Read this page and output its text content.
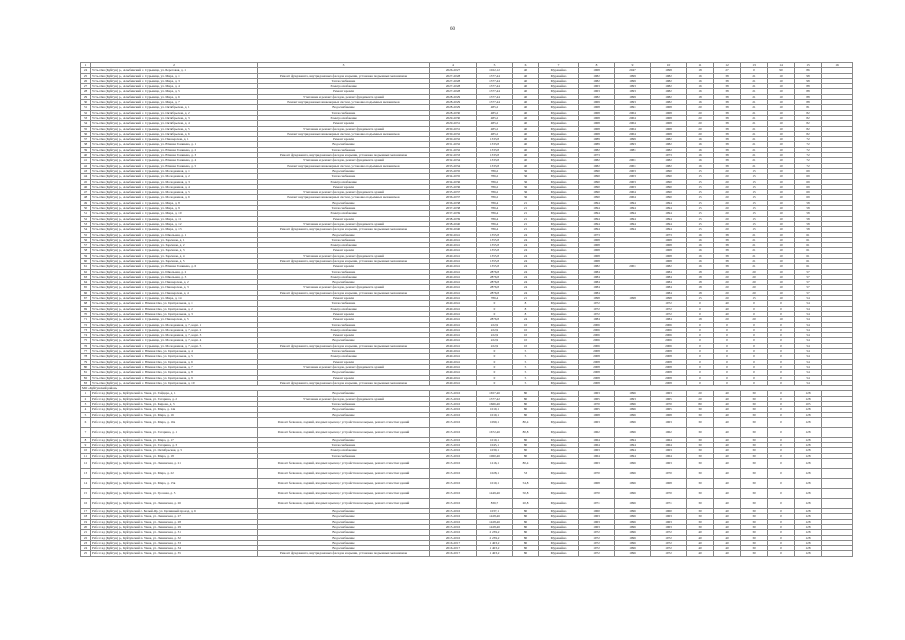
60
1	2	3	4	5	6	7	8	9	10	11	12	13	14	15	16
24	Усть-Ока (Куйтун) р., Алыбинский с. Сурьмица, ул. Береговая, д. 1		2026-2027	1022,12	40	Муравейно	1968	2047	1998	18	27	0	90	86	
25	Усть-Ока (Куйтун) р., Алыбинский с. Сурьмица, ул. Мира, д. 1	Ремонт фундамента, внутридомовых фасадов и крыши, установка подъемных механизмов	2027-2028	1377,44	40	Муравейно	1982	1999	1982	16	38	21	10	98	
26	Усть-Ока (Куйтун) р., Алыбинский с. Сурьмица, ул. Мира, д. 3	Теплоснабжение	2027-2028	1377,44	40	Муравейно	1982	1999	1982	16	38	21	10	98	
27	Усть-Ока (Куйтун) р., Алыбинский с. Сурьмица, ул. Мира, д. 4	Электроснабжение	2027-2028	1377,44	40	Муравейно	1963	1993	1982	16	38	21	10	88	
28	Усть-Ока (Куйтун) р., Алыбинский с. Сурьмица, ул. Мира, д. 5	Ремонт кровли	2027-2028	1377,44	40	Муравейно	1963	1993	1982	16	38	21	10	88	
29	Усть-Ока (Куйтун) р., Алыбинский с. Сурьмица, ул. Мира, д. 6	Утепление и ремонт фасадов, ремонт фундамента зданий	2028-2029	1377,44	40	Муравейно	1982	1999	1982	18	38	21	10	88	
30	Усть-Ока (Куйтун) р., Алыбинский с. Сурьмица, ул. Мира, д. 7	Ремонт внутридомовых инженерных систем, установка подъемных механизмов	2028-2029	1377,44	40	Муравейно	1969	1993	1982	16	38	21	10	88	
31	Усть-Ока (Куйтун) р., Алыбинский с. Сурьмица, ул. Октябрьская, д. 1	Водоснабжение	2028-2029	485,2	40	Муравейно	1968	1991	1968	20	38	21	10	81	
32	Усть-Ока (Куйтун) р., Алыбинский с. Сурьмица, ул. Октябрьская, д. 2	Теплоснабжение	2028-2030	485,2	40	Муравейно	1968	2004	1968	20	38	21	10	82	
33	Усть-Ока (Куйтун) р., Алыбинский с. Сурьмица, ул. Октябрьская, д. 3	Электроснабжение	2029-2030	485,2	40	Муравейно	1968	2004	1968	20	38	21	10	82	
34	Усть-Ока (Куйтун) р., Алыбинский с. Сурьмица, ул. Октябрьская, д. 4	Ремонт кровли	2029-2031	485,2	40	Муравейно	1968	2004	1968	20	38	21	10	82	
35	Усть-Ока (Куйтун) р., Алыбинский с. Сурьмица, ул. Октябрьская, д. 5	Утепление и ремонт фасадов, ремонт фундамента зданий	2030-2031	485,2	40	Муравейно	1968	2004	1968	20	38	21	10	82	
36	Усть-Ока (Куйтун) р., Алыбинский с. Сурьмица, ул. Октябрьская, д. 6	Ремонт внутридомовых инженерных систем, установка подъемных механизмов	2030-2032	485,2	40	Муравейно	1968	2004	1968	20	38	21	10	82	
37	Усть-Ока (Куйтун) р., Алыбинский с. Сурьмица, ул. Пионерская, д. 1	Ремонт кровли	2030-2032	1333,8	40	Муравейно	1989	1999	1982	16	38	21	10	72	
38	Усть-Ока (Куйтун) р., Алыбинский с. Сурьмица, ул. Южная Гонкиева, д. 1	Водоснабжение	2031-2032	1333,8	40	Муравейно	1989	1993	1982	16	38	21	10	72	
39	Усть-Ока (Куйтун) р., Алыбинский с. Сурьмица, ул. Южная Гонкиева, д. 2	Теплоснабжение	2031-2032	1333,8	40	Муравейно	1982	1981	1982	16	38	21	10	72	
40	Усть-Ока (Куйтун) р., Алыбинский с. Сурьмица, ул. Южная Гонкиева, д. 3	Ремонт фундамента, внутридомовых фасадов и крыши, установка подъемных механизмов	2032-2033	1333,8	40	Муравейно	1973		1973	16	38	21	10	72	
41	Усть-Ока (Куйтун) р., Алыбинский с. Сурьмица, ул. Южная Гонкиева, д. 4	Утепление и ремонт фасадов, ремонт фундамента зданий	2032-2034	1333,8	40	Муравейно	1982	2001	1982	16	38	21	10	72	
42	Усть-Ока (Куйтун) р., Алыбинский с. Сурьмица, ул. Южная Гонкиева, д. 5	Ремонт внутридомовых инженерных систем, установка подъемных механизмов	2033-2034	1333,8	40	Муравейно	1982	2001	1982	16	38	21	10	72	
43	Усть-Ока (Куйтун) р., Алыбинский с. Сурьмица, ул. Молодежная, д. 1	Водоснабжение	2033-2035	786,2	36	Муравейно	1990	2003	1990	15	20	15	10	69	
44	Усть-Ока (Куйтун) р., Алыбинский с. Сурьмица, ул. Молодежная, д. 2	Теплоснабжение	2034-2035	786,2	36	Муравейно	1990	2003	1990	15	20	15	10	69	
45	Усть-Ока (Куйтун) р., Алыбинский с. Сурьмица, ул. Молодежная, д. 3	Электроснабжение	2034-2036	786,2	36	Муравейно	1990	2003	1990	15	20	15	10	69	
46	Усть-Ока (Куйтун) р., Алыбинский с. Сурьмица, ул. Молодежная, д. 4	Ремонт кровли	2035-2036	786,2	36	Муравейно	1990	2003	1990	15	20	15	10	69	
47	Усть-Ока (Куйтун) р., Алыбинский с. Сурьмица, ул. Молодежная, д. 5	Утепление и ремонт фасадов, ремонт фундамента зданий	2035-2037	786,2	36	Муравейно	1990	2004	1990	15	20	15	10	69	
48	Усть-Ока (Куйтун) р., Алыбинский с. Сурьмица, ул. Молодежная, д. 6	Ремонт внутридомовых инженерных систем, установка подъемных механизмов	2036-2037	786,2	36	Муравейно	1990	2004	1990	15	20	15	10	69	
49	Усть-Ока (Куйтун) р., Алыбинский с. Сурьмица, ул. Мира, д. 8	Водоснабжение	2036-2038	786,4	21	Муравейно	1994	1994	1994	15	20	15	10	58	
50	Усть-Ока (Куйтун) р., Алыбинский с. Сурьмица, ул. Мира, д. 9	Теплоснабжение	2037-2038	786,4	21	Муравейно	1994	1994	1994	15	20	15	10	58	
51	Усть-Ока (Куйтун) р., Алыбинский с. Сурьмица, ул. Мира, д. 10	Электроснабжение	2037-2039	786,4	21	Муравейно	1994	1994	1994	15	20	15	10	58	
52	Усть-Ока (Куйтун) р., Алыбинский с. Сурьмица, ул. Мира, д. 11	Ремонт кровли	2038-2039	786,4	21	Муравейно	1994	1994	1994	15	20	15	10	58	
53	Усть-Ока (Куйтун) р., Алыбинский с. Сурьмица, ул. Мира, д. 12	Утепление и ремонт фасадов, ремонт фундамента зданий	2038-2040	786,4	21	Муравейно	1994	1994	1994	15	20	15	10	58	
54	Усть-Ока (Куйтун) р., Алыбинский с. Сурьмица, ул. Мира, д. 13	Ремонт фундамента, внутридомовых фасадов и крыши, установка подъемных механизмов	2039-2040	786,4	21	Муравейно	1994	1994	1994	15	20	15	10	58	
55	Усть-Ока (Куйтун) р., Алыбинский с. Сурьмица, ул. Школьная, д. 1	Водоснабжение	2039-2041	1355,8	24	Муравейно	1973		1973	16	38	21	10	61	
56	Усть-Ока (Куйтун) р., Алыбинский с. Сурьмица, ул. Заречная, д. 1	Теплоснабжение	2040-2041	1355,8	24	Муравейно	1968		1968	16	38	21	10	61	
57	Усть-Ока (Куйтун) р., Алыбинский с. Сурьмица, ул. Заречная, д. 2	Электроснабжение	2040-2041	1355,8	24	Муравейно	1968		1968	16	38	21	10	61	
58	Усть-Ока (Куйтун) р., Алыбинский с. Сурьмица, ул. Заречная, д. 3	Ремонт кровли	2040-2041	1355,8	24	Муравейно	1968		1968	16	38	21	10	61	
59	Усть-Ока (Куйтун) р., Алыбинский с. Сурьмица, ул. Заречная, д. 4	Утепление и ремонт фасадов, ремонт фундамента зданий	2040-2041	1355,8	24	Муравейно	1968		1968	16	38	21	10	61	
60	Усть-Ока (Куйтун) р., Алыбинский с. Сурьмица, ул. Заречная, д. 5	Ремонт фундамента, внутридомовых фасадов и крыши, установка подъемных механизмов	2040-2041	1355,8	24	Муравейно	1968		1968	16	38	21	10	61	
61	Усть-Ока (Куйтун) р., Алыбинский с. Сурьмица, ул. Южная Гонкиева, д. 6	Ремонт кровли	2040-2041	1355,8	24	Муравейно	1982	2001	1982	16	38	21	10	61	
62	Усть-Ока (Куйтун) р., Алыбинский с. Сурьмица, ул. Школьная, д. 2	Теплоснабжение	2040-2041	2876,8	24	Муравейно	1984		1984	18	20	20	10	57	
63	Усть-Ока (Куйтун) р., Алыбинский с. Сурьмица, ул. Школьная, д. 3	Электроснабжение	2040-2041	2876,8	24	Муравейно	1984		1984	18	20	20	10	57	
64	Усть-Ока (Куйтун) р., Алыбинский с. Сурьмица, ул. Пионерская, д. 2	Водоснабжение	2040-2041	2876,8	24	Муравейно	1984		1984	18	20	20	10	57	
65	Усть-Ока (Куйтун) р., Алыбинский с. Сурьмица, ул. Пионерская, д. 3	Утепление и ремонт фасадов, ремонт фундамента зданий	2040-2041	2876,8	24	Муравейно	1984		1984	18	20	20	10	57	
66	Усть-Ока (Куйтун) р., Алыбинский с. Сурьмица, ул. Пионерская, д. 4	Ремонт фундамента, внутридомовых фасадов и крыши, установка подъемных механизмов	2040-2041	2876,8	24	Муравейно	1984		1984	18	20	20	10	57	
67	Усть-Ока (Куйтун) р., Алыбинский с. Сурьмица, ул. Мира, д. 14	Ремонт кровли	2040-2041	786,4	21	Муравейно	1998	1998	1998	15	20	15	10	54	
68	Усть-Ока (Куйтун) р., Алыбинский с. Южная Ока, ул. Центральная, д. 1	Теплоснабжение	2040-2041	0	8	Муравейно	1972		1972	0	40	0	0	54	
69	Усть-Ока (Куйтун) р., Алыбинский с. Южная Ока, ул. Центральная, д. 2	Электроснабжение	2040-2041	0	8	Муравейно	1972		1972	0	40	0	0	54	
70	Усть-Ока (Куйтун) р., Алыбинский с. Южная Ока, ул. Центральная, д. 3	Ремонт кровли	2040-2041	0	8	Муравейно	1972		1972	0	40	0	0	54	
71	Усть-Ока (Куйтун) р., Алыбинский с. Сурьмица, ул. Пионерская, д. 5	Ремонт кровли	2040-2041	2876,8	24	Муравейно	1984		1984	18	20	20	10	54	
72	Усть-Ока (Куйтун) р., Алыбинский с. Сурьмица, ул. Молодежная, д. 7, корп. 1	Теплоснабжение	2040-2041	222,9	10	Муравейно	2006		2006	0	0	0	0	54	
73	Усть-Ока (Куйтун) р., Алыбинский с. Сурьмица, ул. Молодежная, д. 7, корп. 2	Электроснабжение	2040-2041	222,9	10	Муравейно	2006		2006	0	0	0	0	54	
74	Усть-Ока (Куйтун) р., Алыбинский с. Сурьмица, ул. Молодежная, д. 7, корп. 3	Ремонт кровли	2040-2041	222,9	10	Муравейно	2006		2006	0	0	0	0	54	
75	Усть-Ока (Куйтун) р., Алыбинский с. Сурьмица, ул. Молодежная, д. 7, корп. 4	Водоснабжение	2040-2041	222,9	10	Муравейно	2006		2006	0	0	0	0	54	
76	Усть-Ока (Куйтун) р., Алыбинский с. Сурьмица, ул. Молодежная, д. 7, корп. 5	Ремонт фундамента, внутридомовых фасадов и крыши, установка подъемных механизмов	2040-2041	222,9	10	Муравейно	2006		2006	0	0	0	0	54	
77	Усть-Ока (Куйтун) р., Алыбинский с. Южная Ока, ул. Центральная, д. 4	Теплоснабжение	2040-2041	0	5	Муравейно	2008		2008	0	0	0	0	54	
78	Усть-Ока (Куйтун) р., Алыбинский с. Южная Ока, ул. Центральная, д. 5	Электроснабжение	2040-2041	0	5	Муравейно	2008		2008	0	0	0	0	54	
79	Усть-Ока (Куйтун) р., Алыбинский с. Южная Ока, ул. Центральная, д. 6	Ремонт кровли	2040-2041	0	5	Муравейно	2008		2008	0	0	0	0	54	
80	Усть-Ока (Куйтун) р., Алыбинский с. Южная Ока, ул. Центральная, д. 7	Утепление и ремонт фасадов, ремонт фундамента зданий	2040-2041	0	5	Муравейно	2008		2008	0	0	0	0	54	
81	Усть-Ока (Куйтун) р., Алыбинский с. Южная Ока, ул. Центральная, д. 8	Водоснабжение	2040-2041	0	5	Муравейно	2008		2008	0	0	0	0	54	
82	Усть-Ока (Куйтун) р., Алыбинский с. Южная Ока, ул. Центральная, д. 9	Ремонт кровли	2040-2041	0	5	Муравейно	2008		2008	0	0	0	0	54	
83	Усть-Ока (Куйтун) р., Алыбинский с. Южная Ока, ул. Центральная, д. 10	Ремонт фундамента, внутридомовых фасадов и крыши, установка подъемных механизмов	2040-2041	0	5	Муравейно	2008		2008	0	0	0	0	54	
МО «Куйтунский район»															
1	Рабс-Сад (Куйтун) р., Куйтунский п. Уваж, ул. Гайдара, д. 1	Водоснабжение	2015-2016	1657,46	80	Муравейно	1963	1996	1963	20	40	30	0	128	
2	Рабс-Сад (Куйтун) р., Куйтунский п. Уваж, ул. Гагарина, д. 2	Утепление и ремонт фасадов, ремонт фундамента зданий	2015-2016	1377,42	80	Муравейно	1965	1993	1965	20	40	30	0	128	
3	Рабс-Сад (Куйтун) р., Куйтунский п. Уваж, ул. Кирова, д. 3	Теплоснабжение	2015-2016	1666,46	80	Муравейно	1970	1996	1970	80	40	30	0	105	
4	Рабс-Сад (Куйтун) р., Куйтунский п. Уваж, ул. Мира, д. 14а	Водоснабжение	2015-2016	1019,1	80	Муравейно	1965	1996	1965	30	40	30	0	128	
5	Рабс-Сад (Куйтун) р., Куйтунский п. Уваж, ул. Мира, д. 16	Водоснабжение	2015-2016	1019,1	80	Муравейно	1968	1996	1968	30	40	30	0	128	
6	Рабс-Сад (Куйтун) р., Куйтунский п. Уваж, ул. Мира, д. 16а	Ремонт балконов, лоджий, входных крылец с устройством козырька, ремонт отмостки зданий	2015-2016	1099,1	80,4	Муравейно	1963	1996	1963	30	40	30	0	128	
7	Рабс-Сад (Куйтун) р., Куйтунский п. Уваж, ул. Гагарина, д. 1	Ремонт балконов, лоджий, входных крылец с устройством козырька, ремонт отмостки зданий	2015-2016	1672,46	80,8	Муравейно	1962	1996	1962	30	40	30	0	128	
8	Рабс-Сад (Куйтун) р., Куйтунский п. Уваж, ул. Мира, д. 17	Водоснабжение	2015-2016	1019,1	80	Муравейно	1964	1994	1964	30	40	30	0	128	
9	Рабс-Сад (Куйтун) р., Куйтунский п. Уваж, ул. Гагарина, д. 3	Теплоснабжение	2015-2016	1045,1	80	Муравейно	1964	1994	1964	30	40	30	0	128	
10	Рабс-Сад (Куйтун) р., Куйтунский п. Уваж, ул. Октябрьская, д. 5	Электроснабжение	2015-2016	1039,1	80	Муравейно	1963	1994	1963	30	40	30	0	128	
11	Рабс-Сад (Куйтун) р., Куйтунский п. Уваж, ул. Мира, д. 18	Теплоснабжение	2015-2016	1060,46	80	Муравейно	1964	1994	1964	30	40	30	0	128	
12	Рабс-Сад (Куйтун) р., Куйтунский п. Уваж, ул. Ленинская, д. 21	Ремонт балконов, лоджий, входных крылец с устройством козырька, ремонт отмостки зданий	2015-2016	1216,1	80,4	Муравейно	1963	1996	1963	30	40	30	0	128	
13	Рабс-Сад (Куйтун) р., Куйтунский п. Уваж, ул. Мира, д. 22	Ремонт балконов, лоджий, входных крылец с устройством козырька, ремонт отмостки зданий	2015-2016	1028,1	53	Муравейно	1970	1996	1970	30	40	30	0	128	
14	Рабс-Сад (Куйтун) р., Куйтунский п. Уваж, ул. Мира, д. 15в	Ремонт балконов, лоджий, входных крылец с устройством козырька, ремонт отмостки зданий	2015-2016	1019,1	54,8	Муравейно	1968	1996	1968	30	40	30	0	128	
15	Рабс-Сад (Куйтун) р., Куйтунский п. Уваж, ул. Грозная, д. 5	Ремонт балконов, лоджий, входных крылец с устройством козырька, ремонт отмостки зданий	2015-2016	1449,46	50,8	Муравейно	1970	1996	1970	30	40	30	0	128	
16	Рабс-Сад (Куйтун) р., Куйтунский п. Уваж, ул. Ленинская, д. 26	Ремонт балконов, лоджий, входных крылец с устройством козырька, ремонт отмостки зданий	2015-2016	836,7	20,8	Муравейно	1971	1996	1971	30	40	30	0	128	
17	Рабс-Сад (Куйтун) р., Куйтунский с. Белый-Яр, ул. Целинный проезд, д. 6	Водоснабжение	2015-2016	1037,1	80	Муравейно	1960	1996	1960	30	40	30	0	128	
18	Рабс-Сад (Куйтун) р., Куйтунский п. Уваж, ул. Ленинская, д. 27	Водоснабжение	2015-2016	1428,46	80	Муравейно	1963	1996	1963	30	40	30	0	128	
19	Рабс-Сад (Куйтун) р., Куйтунский п. Уваж, ул. Ленинская, д. 28	Водоснабжение	2015-2016	1428,46	80	Муравейно	1963	1996	1963	30	40	30	0	128	
20	Рабс-Сад (Куйтун) р., Куйтунский п. Уваж, ул. Ленинская, д. 29	Водоснабжение	2015-2016	1428,46	80	Муравейно	1963	1996	1963	30	40	30	0	128	
21	Рабс-Сад (Куйтун) р., Куйтунский п. Уваж, ул. Ленинская, д. 31	Водоснабжение	2015-2016	2 239,2	80	Муравейно	1972	1996	1972	40	40	30	0	128	
22	Рабс-Сад (Куйтун) р., Куйтунский п. Уваж, ул. Ленинская, д. 32	Водоснабжение	2015-2016	2 239,2	80	Муравейно	1972	1996	1972	40	40	30	0	128	
23	Рабс-Сад (Куйтун) р., Куйтунский п. Уваж, ул. Ленинская, д. 33	Водоснабжение	2016-2017	1 403,2	80	Муравейно	1972	1996	1972	40	40	30	0	128	
24	Рабс-Сад (Куйтун) р., Куйтунский п. Уваж, ул. Ленинская, д. 34	Водоснабжение	2016-2017	1 403,2	80	Муравейно	1972	1996	1972	40	40	30	0	128	
25	Рабс-Сад (Куйтун) р., Куйтунский п. Уваж, ул. Ленинская, д. 35	Ремонт фундамента, внутридомовых фасадов и крыши, установка подъемных механизмов	2016-2017	1 403,2	80	Муравейно	1972	1996	1972	40	40	30	0	128	
